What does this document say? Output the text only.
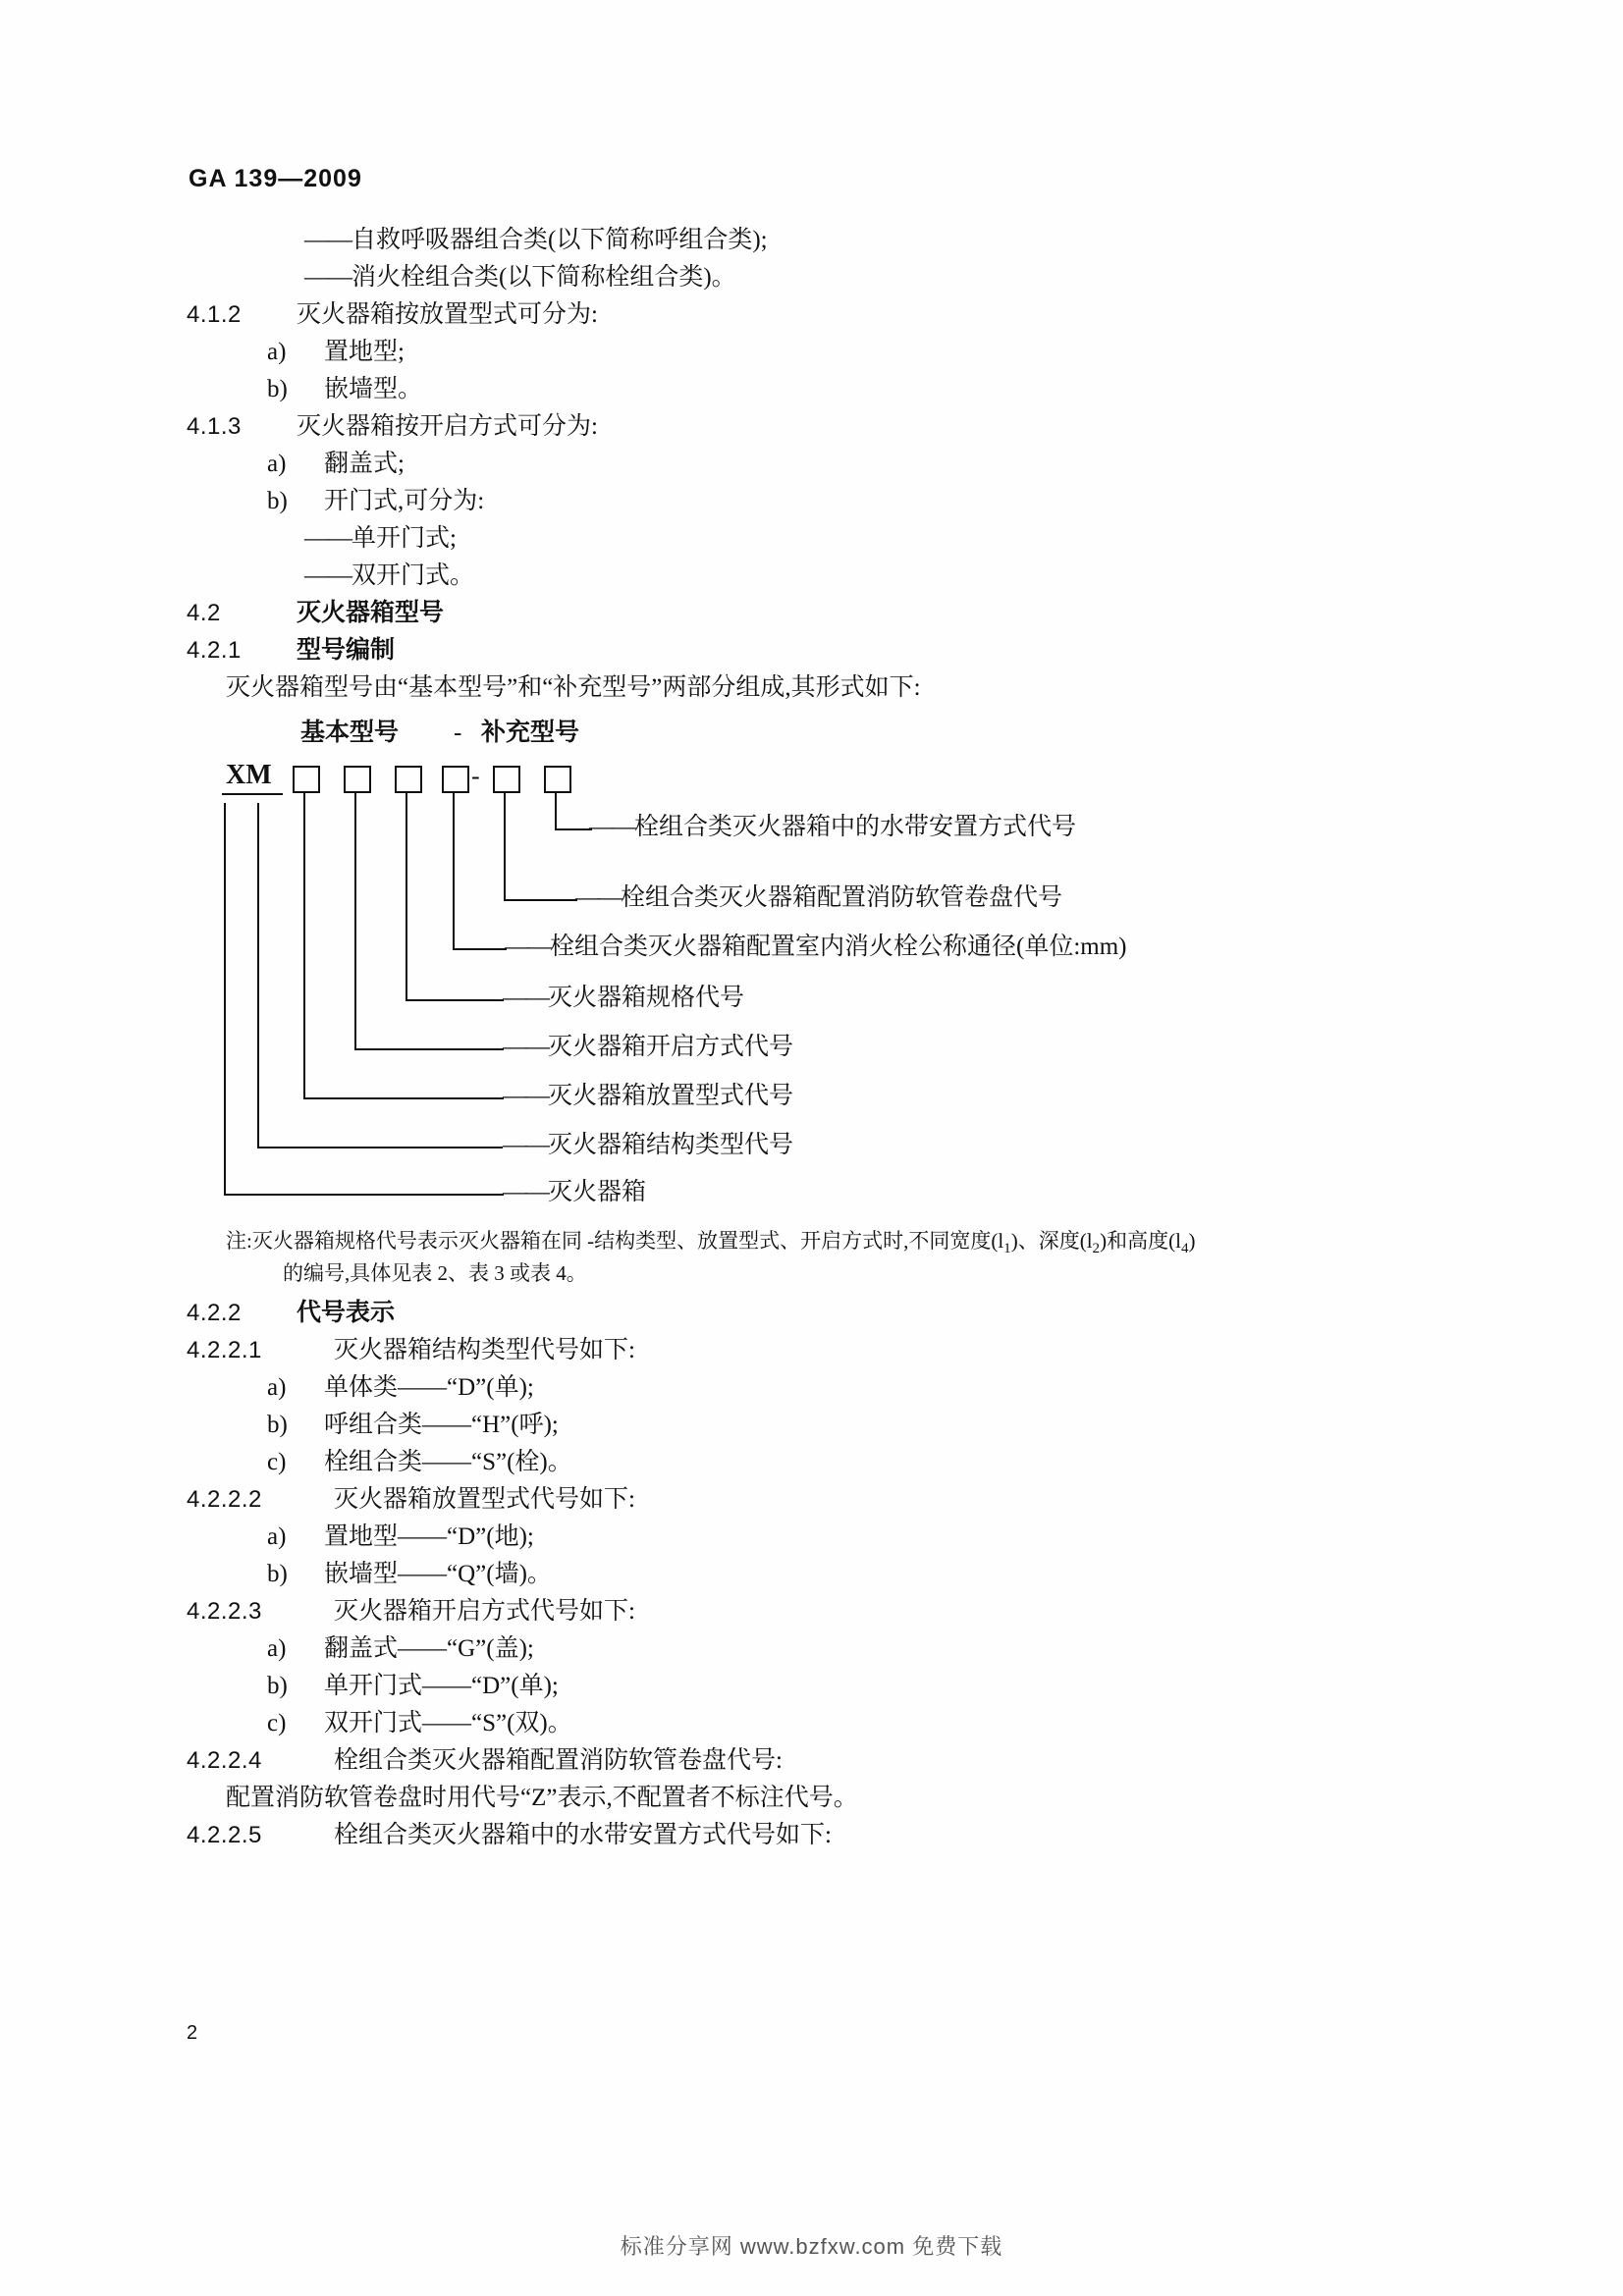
GA 139—2009
——
自救呼吸器组合类(以下简称呼组合类);
——
消火栓组合类(以下简称栓组合类)。
4.1.2	灭火器箱按放置型式可分为:
a)	置地型;
b)	嵌墙型。
4.1.3	灭火器箱按开启方式可分为:
a)	翻盖式;
b)	开门式,可分为:
——
单开门式;
——
双开门式。
4.2	灭火器箱型号
4.2.1	型号编制
灭火器箱型号由“基本型号”和“补充型号”两部分组成,其形式如下:
基本型号 - 补充型号
XM	-
—— 栓组合类灭火器箱中的水带安置方式代号
—— 栓组合类灭火器箱配置消防软管卷盘代号
—— 栓组合类灭火器箱配置室内消火栓公称通径(单位:mm)
—— 灭火器箱规格代号
—— 灭火器箱开启方式代号
—— 灭火器箱放置型式代号
—— 灭火器箱结构类型代号
—— 灭火器箱
注:灭火器箱规格代号表示灭火器箱在同 -结构类型、放置型式、开启方式时,不同宽度$(l_1)$、深度$(l_2)$和高度$(l_4)$
的编号,具体见表 2、表 3 或表 4。
4.2.2	代号表示
4.2.2.1	灭火器箱结构类型代号如下:
a)	单体类——“D”(单);
b)	呼组合类——“H”(呼);
c)	栓组合类——“S”(栓)。
4.2.2.2	灭火器箱放置型式代号如下:
a)	置地型——“D”(地);
b)	嵌墙型——“Q”(墙)。
4.2.2.3	灭火器箱开启方式代号如下:
a)	翻盖式——“G”(盖);
b)	单开门式——“D”(单);
c)	双开门式——“S”(双)。
4.2.2.4	栓组合类灭火器箱配置消防软管卷盘代号:
配置消防软管卷盘时用代号“Z”表示,不配置者不标注代号。
4.2.2.5	栓组合类灭火器箱中的水带安置方式代号如下:
2
标准分享网 www.bzfxw.com 免费下载
